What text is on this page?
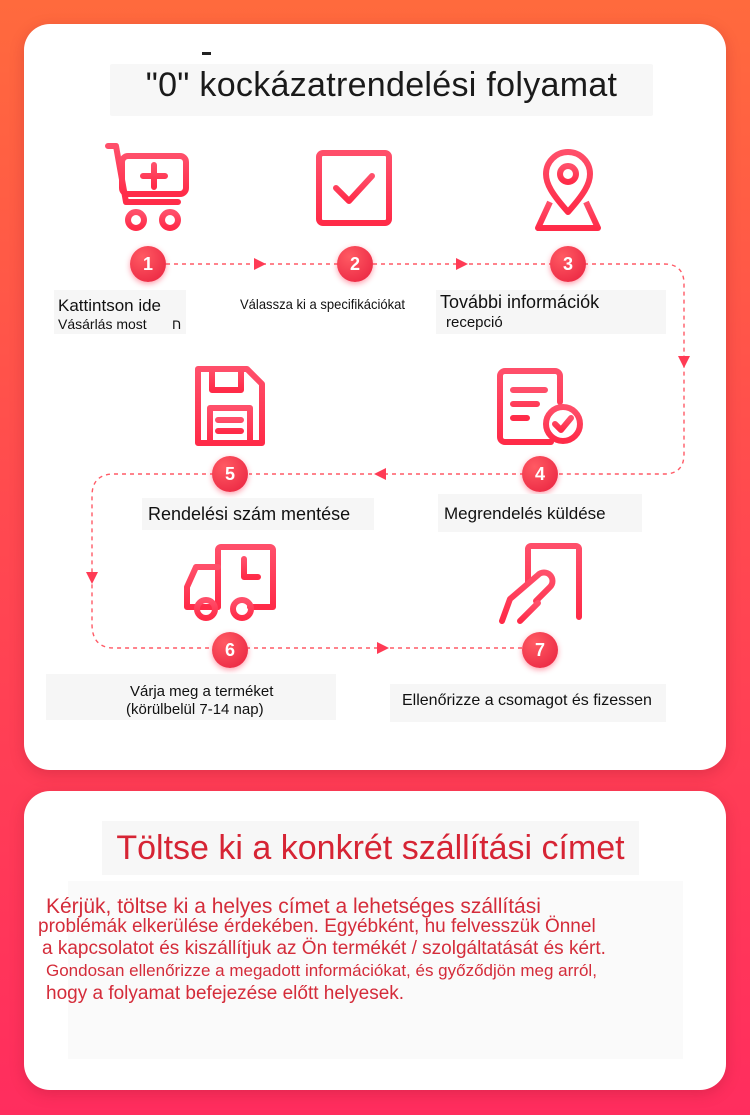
"0" kockázatrendelési folyamat
1
Kattintson ide
Vásárlás most ח
2
Válassza ki a specifikációkat
3
További információk
recepció
4
Megrendelés küldése
5
Rendelési szám mentése
6
Várja meg a terméket
(körülbelül 7-14 nap)
7
Ellenőrizze a csomagot és fizessen
Töltse ki a konkrét szállítási címet
Kérjük, töltse ki a helyes címet a lehetséges szállítási
problémák elkerülése érdekében. Egyébként, hu felvesszük Önnel
a kapcsolatot és kiszállítjuk az Ön termékét / szolgáltatását és kért.
Gondosan ellenőrizze a megadott információkat, és győződjön meg arról,
hogy a folyamat befejezése előtt helyesek.
